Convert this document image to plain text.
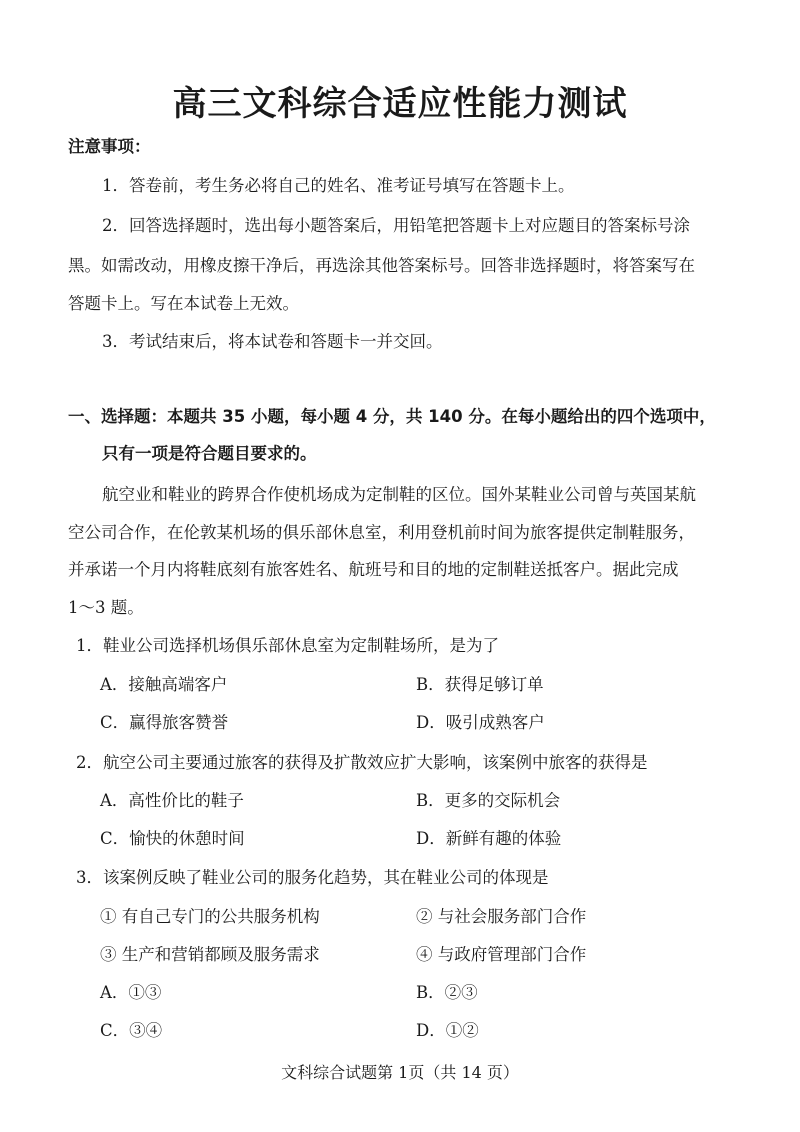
高三文科综合适应性能力测试
注意事项：
1．答卷前，考生务必将自己的姓名、准考证号填写在答题卡上。
2．回答选择题时，选出每小题答案后，用铅笔把答题卡上对应题目的答案标号涂
黑。如需改动，用橡皮擦干净后，再选涂其他答案标号。回答非选择题时，将答案写在
答题卡上。写在本试卷上无效。
3．考试结束后，将本试卷和答题卡一并交回。
一、选择题：本题共 35 小题，每小题 4 分，共 140 分。在每小题给出的四个选项中，
只有一项是符合题目要求的。
航空业和鞋业的跨界合作使机场成为定制鞋的区位。国外某鞋业公司曾与英国某航
空公司合作，在伦敦某机场的俱乐部休息室，利用登机前时间为旅客提供定制鞋服务，
并承诺一个月内将鞋底刻有旅客姓名、航班号和目的地的定制鞋送抵客户。据此完成
1～3 题。
1．鞋业公司选择机场俱乐部休息室为定制鞋场所，是为了
A．接触高端客户	B．获得足够订单
C．赢得旅客赞誉	D．吸引成熟客户
2．航空公司主要通过旅客的获得及扩散效应扩大影响，该案例中旅客的获得是
A．高性价比的鞋子	B．更多的交际机会
C．愉快的休憩时间	D．新鲜有趣的体验
3．该案例反映了鞋业公司的服务化趋势，其在鞋业公司的体现是
① 有自己专门的公共服务机构	② 与社会服务部门合作
③ 生产和营销都顾及服务需求	④ 与政府管理部门合作
A．①③	B．②③
C．③④	D．①②
文科综合试题第 1页（共 14 页）
